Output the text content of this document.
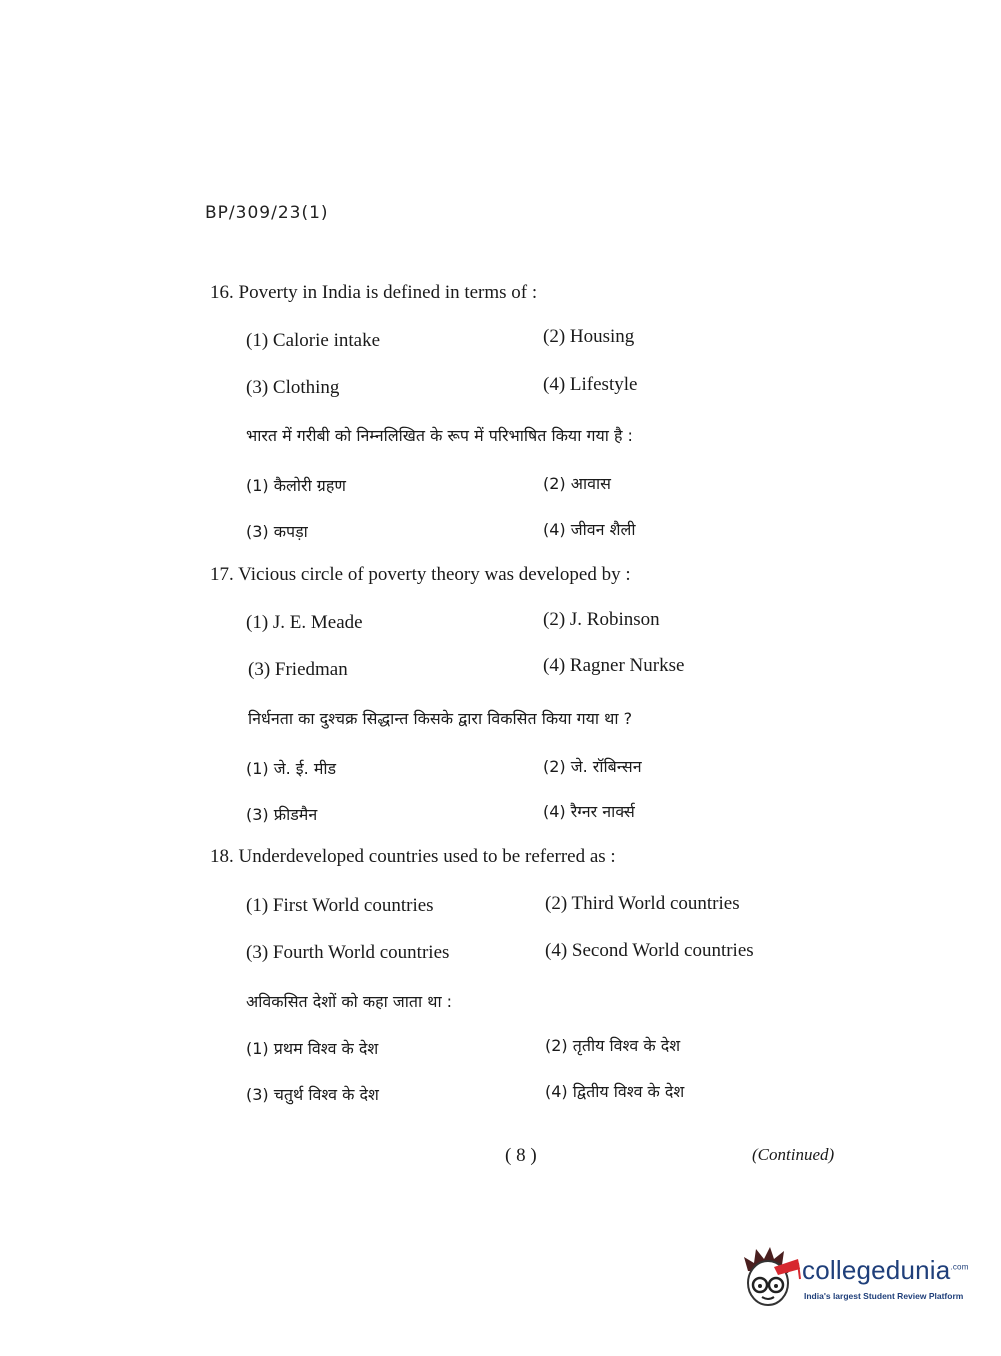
BP/309/23(1)
16. Poverty in India is defined in terms of :
(1) Calorie intake	(2) Housing
(3) Clothing	(4) Lifestyle
भारत में गरीबी को निम्नलिखित के रूप में परिभाषित किया गया है :
(1) कैलोरी ग्रहण	(2) आवास
(3) कपड़ा	(4) जीवन शैली
17. Vicious circle of poverty theory was developed by :
(1) J. E. Meade	(2) J. Robinson
(3) Friedman	(4) Ragner Nurkse
निर्धनता का दुश्चक्र सिद्धान्त किसके द्वारा विकसित किया गया था ?
(1) जे. ई. मीड	(2) जे. रॉबिन्सन
(3) फ्रीडमैन	(4) रैग्नर नार्क्स
18. Underdeveloped countries used to be referred as :
(1) First World countries	(2) Third World countries
(3) Fourth World countries	(4) Second World countries
अविकसित देशों को कहा जाता था :
(1) प्रथम विश्व के देश	(2) तृतीय विश्व के देश
(3) चतुर्थ विश्व के देश	(4) द्वितीय विश्व के देश
( 8 )	(Continued)
collegedunia$^{.com}$
India's largest Student Review Platform
